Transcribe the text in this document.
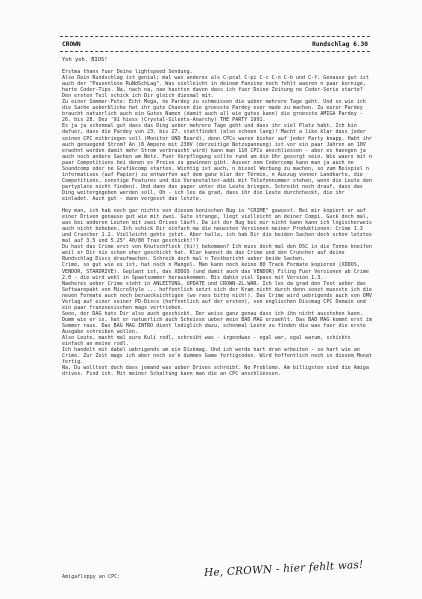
CROWN	Rundschlag 6.30
Yoh yoh. BIOS!

Erstma thanx fuer Deine lightspeed Sendung.

Also Dein Rundschlag ist genial; mal was anderes als C-pcal C-pi C-c C-n C-b und C-f. Genauso gut ist auch der "Pausenlose RuNdSchLag". Was vielleicht in deinem Fanzine noch fehlt waeren n paar kernige, harte Coder-Tips. Na, nach na, nao hasttsn davon dass ich fuer Deine Zeitung ne Coder-Serie starte? Den ersten Teil schick ich Dir gleich diesmal mit.

Zu einer Sommer-Fete: Echt Mega, ne Pardey zu schmeissen die ueber mehrere Tage geht. Und so wie ich die Sache ueberblicke hat ihr gute Chancen die groesste Pardey ever made zu machen. Zu eurer Pardey braucht natuerlich auch ein Gutes Namen (damit auch all wie gutes kann) die groesste AMIGA Pardey - 26. bis 28. Dez '91 hiess (Crystal-Silents-Anarchy) THE PARTY 1991.

Es ja ja schonmal gut dass das Ding ueber mehrere Tage geht und dass ihr viel Platz habt. Ich bin dafuer, dass die Pardey von 23. bis 27. stattfindet (also schoen lang)! Macht a like klar dass jeder seinen CPC mitbringen soll (Monitor UND Board), denn CPCs waren bisher auf jeder Party knapp. Habt ihr auch genuegend Strom? An (8 Ampere mit 230V (derzeitige Netzspannung) ist vor ein paar Jahren an 10V erwohnt worden damit mehr Strom verbraucht wird) kann man 110 CPCs anschliessen - aber es haengen ja auch noch andere Sachen am Netz. Fuer Verpflegung sollte rund um die Uhr gesorgt sein. Wie waers mit n paar Competitions bei denen es Preise zu gewinnen gibt. Ausser nem Codercomp kann man ja auch ne Soundcomp oder ne Grafikcomp starten. Wichtig ist auch, n bissel Werbung zu machen, so zum Beispiel n informatives (auf Papier) zu entwerfen auf dem ganz klar der Termin, n Auszug vonner Landkarte, die Competitions, sonstige Features und die Veranstalter-addi mit Telefonnummer stehen, wenn die Leute den partyplace nicht finden). Und dann das paper unter die Leute bringen. Schreibt noch drauf, dass das Ding weitergegeben werden soll. Oh - ich les da grad, dass ihr die Leute durchcheckt, die ihr einladet. Auch gut - dann vergesst das letzte.

Hey man, ich hab noch gar nichts von diesem konischen Bug in "CRIME" gewusst. Bei mir kopiert er auf einer Driven genauso gut wie mit zwei. Gute strange, liegt vielleicht an deiner Compi. Guck doch mal, was bei anderen Leuten mit zwei Drives läuft. Da ist der Bug bei mir nicht kann kann ich logischerweis auch nicht beheben. Ich schick Dir einfach ma die neuesten Versionen meiner Produktionen: Crime 1.3 und Cruncher 1.2. Vielleicht gehts jetzt. Aber halle, ich hab Dir die beiden Sachen doch schon letztes mal auf 3.5 und 5.25" 40/80 Trax geschickt!!?

Du hast das Crime erst von Knutschfleck (hi!) bekommen? Ich muss doch mal den DSC in die Tonne kneifen weil er Dir nix schon eher geschickt hat. Klar kannst de das Crime und den Cruncher auf deine Rundschlag Discs draufmachen. Schreib doch mal n Testbericht ueber beide Sachen.

Crime, so gut wie es ist, hat noch n Mangel. Man kann noch keine 80 Track Formate kopieren (XDDOS, VENDOR, STARDRIVE). Geplant ist, das XDDOS (und damit auch das VENDOR) Filing Fuer Versionen ab Crime 2.0 - die wird wohl in Spaetsommer herauskommen. Bis dahin viel Spass mit Version 1.3.

Naeheres ueber Crime steht in ANLEITUNG, UPDATE und CROWN-2L.WAR. Ich les da grad den Test ueber das Softwarepakt von MicroStyle ... hoffentlich setzt sich der Kram nicht durch denn sonst muesste ich die neuen Formate auch noch beruecksichtigen (wo rass bitte nich!). Das Crime wird uebrigends auch von OMV Verlag auf einer seiner PD-Discs (hoffentlich auf der ersten), von englischen Discmag CPC Domain und ein paar franzoesischen mags vertrieben.

Sooo, der DAG hats Dir also auch geschickt. Der weiss ganz genau dass ich ihn nicht ausstehen kann. Dumm wie er is, hat er natuerlich auch Scheisse ueber mein BAD MAG erzaehlt. Das BAD MAG kommt erst im Sommer raus. Das BAG MAG INTRO dient lediglich dazu, schonmal Leute zu finden die was fuer die erste Ausgabe schreiben wollen.

Also Leute, macht mal eure Kuli rodl, schreibt was - irgendwas - egal war, egal warum, schickts einfach an meine rodl.

Ich handelt mit dabel uebrigends um ein Diskmag. Und ich werde hart dran arbeiten - so hart wie an Crime. Zur Zeit mags ich aber noch so'n dummes Game fertigcoden. Wird hoffentlich noch in diesem Monat fertig.

Na, Du wolltest doch dass jemand was ueber Drives schreibt. No Problemo. Am billigsten sind die Amiga drives. Find ich. Mit meiner Schaltung kann man die an CPC anschliessen.

Amigafloppy an CPC:	He, CROWN - hier fehlt was!
